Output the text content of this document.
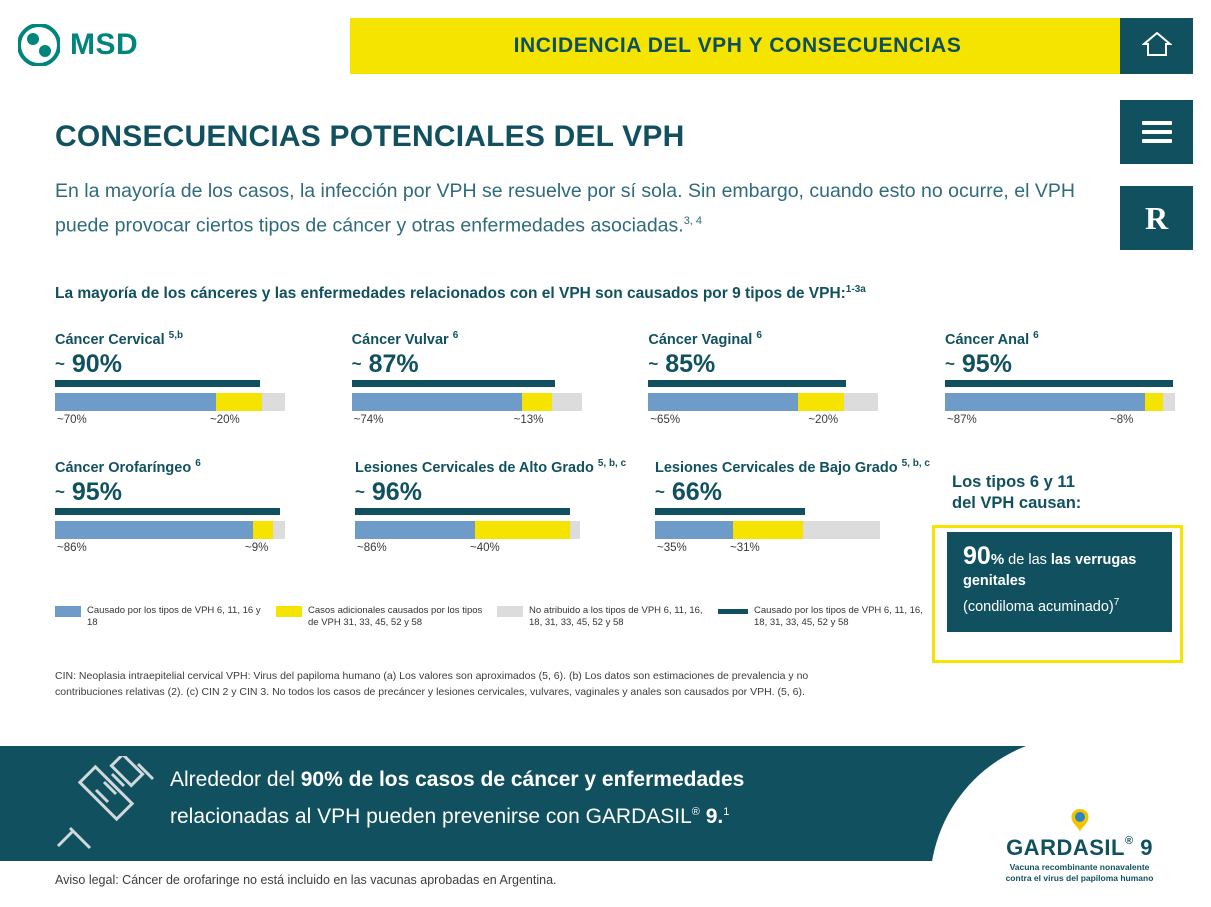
MSD	INCIDENCIA DEL VPH Y CONSECUENCIAS
R
CONSECUENCIAS POTENCIALES DEL VPH
En la mayoría de los casos, la infección por VPH se resuelve por sí sola. Sin embargo, cuando esto no ocurre, el VPH puede provocar ciertos tipos de cáncer y otras enfermedades asociadas.$^{3, 4}$
La mayoría de los cánceres y las enfermedades relacionados con el VPH son causados por 9 tipos de VPH:$^{1-3a}$
Cáncer Cervical $^{5,b}$
~ 90%
~70%	~20%
Cáncer Vulvar $^6$
~ 87%
~74%	~13%
Cáncer Vaginal $^6$
~ 85%
~65%	~20%
Cáncer Anal $^6$
~ 95%
~87%	~8%
Cáncer Orofaríngeo $^6$
~ 95%
~86%	~9%
Lesiones Cervicales de Alto Grado $^{5, b, c}$
~ 96%
~86%	~40%
Lesiones Cervicales de Bajo Grado $^{5, b, c}$
~ 66%
~35%	~31%
Causado por los tipos de VPH 6, 11, 16 y 18
Casos adicionales causados por los tipos de VPH 31, 33, 45, 52 y 58
No atribuido a los tipos de VPH 6, 11, 16, 18, 31, 33, 45, 52 y 58
Causado por los tipos de VPH 6, 11, 16, 18, 31, 33, 45, 52 y 58
Los tipos 6 y 11
del VPH causan:
90% de las las verrugas genitales
(condiloma acuminado)$^7$
CIN: Neoplasia intraepitelial cervical VPH: Virus del papiloma humano (a) Los valores son aproximados (5, 6). (b) Los datos son estimaciones de prevalencia y no contribuciones relativas (2). (c) CIN 2 y CIN 3. No todos los casos de precáncer y lesiones cervicales, vulvares, vaginales y anales son causados por VPH. (5, 6).
Alrededor del 90% de los casos de cáncer y enfermedades
relacionadas al VPH pueden prevenirse con GARDASIL® 9.$^1$
GARDASIL® 9
Vacuna recombinante nonavalente
contra el virus del papiloma humano
Aviso legal: Cáncer de orofaringe no está incluido en las vacunas aprobadas en Argentina.
